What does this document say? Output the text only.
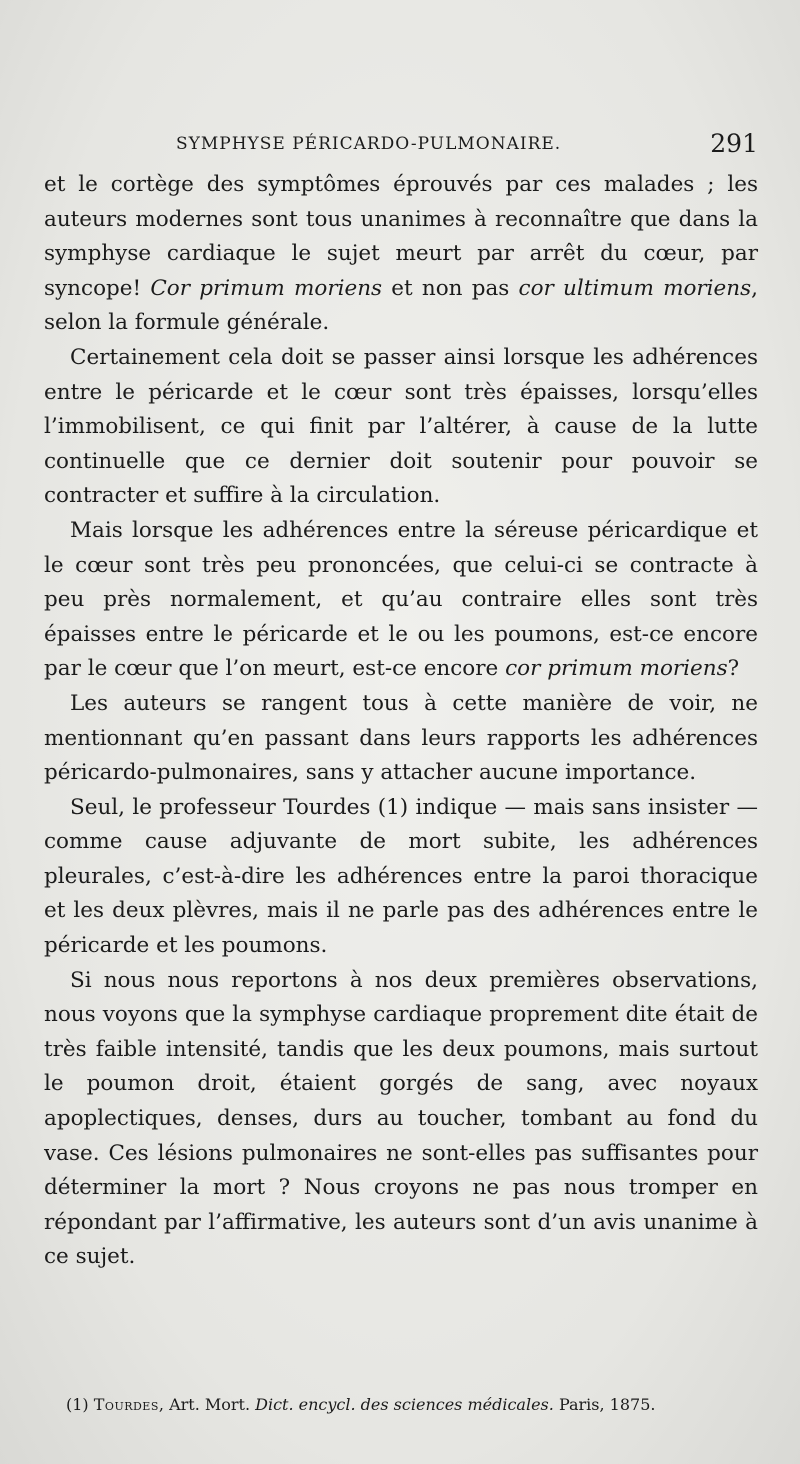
SYMPHYSE PÉRICARDO-PULMONAIRE.	291

et le cortège des symptômes éprouvés par ces malades ; les auteurs modernes sont tous unanimes à reconnaître que dans la symphyse cardiaque le sujet meurt par arrêt du cœur, par syncope! Cor primum moriens et non pas cor ultimum moriens, selon la formule générale.

Certainement cela doit se passer ainsi lorsque les adhérences entre le péricarde et le cœur sont très épaisses, lorsqu’elles l’immobilisent, ce qui finit par l’altérer, à cause de la lutte continuelle que ce dernier doit soutenir pour pouvoir se contracter et suffire à la circulation.

Mais lorsque les adhérences entre la séreuse péricardique et le cœur sont très peu prononcées, que celui-ci se contracte à peu près normalement, et qu’au contraire elles sont très épaisses entre le péricarde et le ou les poumons, est-ce encore par le cœur que l’on meurt, est-ce encore cor primum moriens?

Les auteurs se rangent tous à cette manière de voir, ne mentionnant qu’en passant dans leurs rapports les adhérences péricardo-pulmonaires, sans y attacher aucune importance.

Seul, le professeur Tourdes (1) indique — mais sans insister — comme cause adjuvante de mort subite, les adhérences pleurales, c’est-à-dire les adhérences entre la paroi thoracique et les deux plèvres, mais il ne parle pas des adhérences entre le péricarde et les poumons.

Si nous nous reportons à nos deux premières observations, nous voyons que la symphyse cardiaque proprement dite était de très faible intensité, tandis que les deux poumons, mais surtout le poumon droit, étaient gorgés de sang, avec noyaux apoplectiques, denses, durs au toucher, tombant au fond du vase. Ces lésions pulmonaires ne sont-elles pas suffisantes pour déterminer la mort ? Nous croyons ne pas nous tromper en répondant par l’affirmative, les auteurs sont d’un avis unanime à ce sujet.

(1) Tourdes, Art. Mort. Dict. encycl. des sciences médicales. Paris, 1875.
